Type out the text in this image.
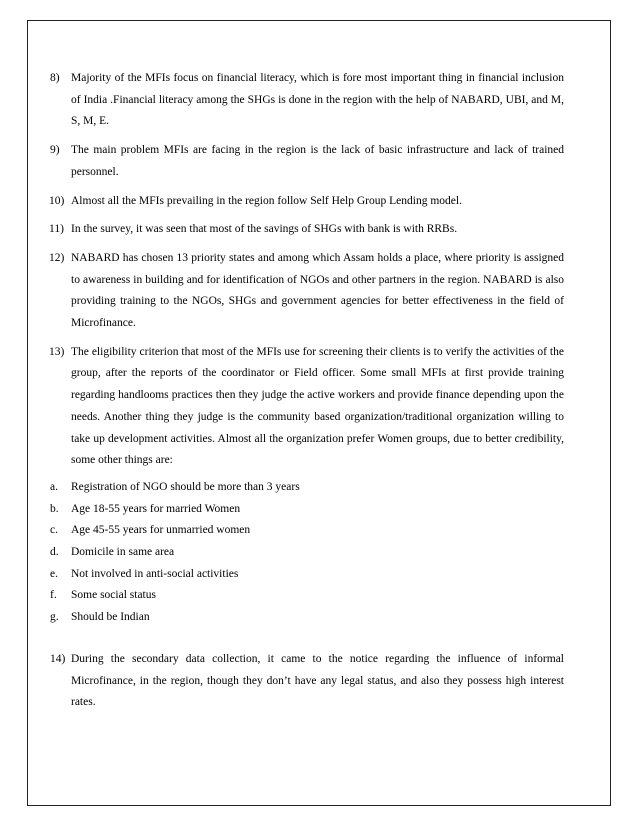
8) Majority of the MFIs focus on financial literacy, which is fore most important thing in financial inclusion of India .Financial literacy among the SHGs is done in the region with the help of NABARD, UBI, and M, S, M, E.
9) The main problem MFIs are facing in the region is the lack of basic infrastructure and lack of trained personnel.
10) Almost all the MFIs prevailing in the region follow Self Help Group Lending model.
11) In the survey, it was seen that most of the savings of SHGs with bank is with RRBs.
12) NABARD has chosen 13 priority states and among which Assam holds a place, where priority is assigned to awareness in building and for identification of NGOs and other partners in the region. NABARD is also providing training to the NGOs, SHGs and government agencies for better effectiveness in the field of Microfinance.
13) The eligibility criterion that most of the MFIs use for screening their clients is to verify the activities of the group, after the reports of the coordinator or Field officer. Some small MFIs at first provide training regarding handlooms practices then they judge the active workers and provide finance depending upon the needs. Another thing they judge is the community based organization/traditional organization willing to take up development activities. Almost all the organization prefer Women groups, due to better credibility, some other things are:
a. Registration of NGO should be more than 3 years
b. Age 18-55 years for married Women
c. Age 45-55 years for unmarried women
d. Domicile in same area
e. Not involved in anti-social activities
f. Some social status
g. Should be Indian
14) During the secondary data collection, it came to the notice regarding the influence of informal Microfinance, in the region, though they don’t have any legal status, and also they possess high interest rates.
